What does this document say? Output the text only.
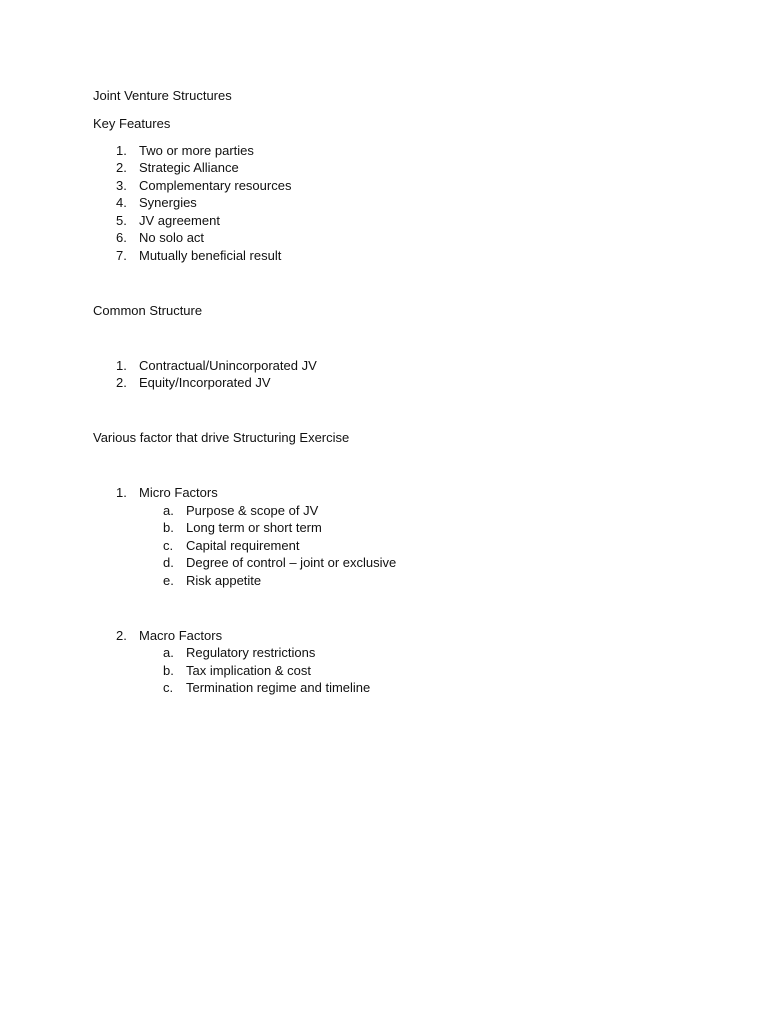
Joint Venture Structures
Key Features
1. Two or more parties
2. Strategic Alliance
3. Complementary resources
4. Synergies
5. JV agreement
6. No solo act
7. Mutually beneficial result
Common Structure
1. Contractual/Unincorporated JV
2. Equity/Incorporated JV
Various factor that drive Structuring Exercise
1. Micro Factors
a. Purpose & scope of JV
b. Long term or short term
c. Capital requirement
d. Degree of control – joint or exclusive
e. Risk appetite
2. Macro Factors
a. Regulatory restrictions
b. Tax implication & cost
c. Termination regime and timeline
